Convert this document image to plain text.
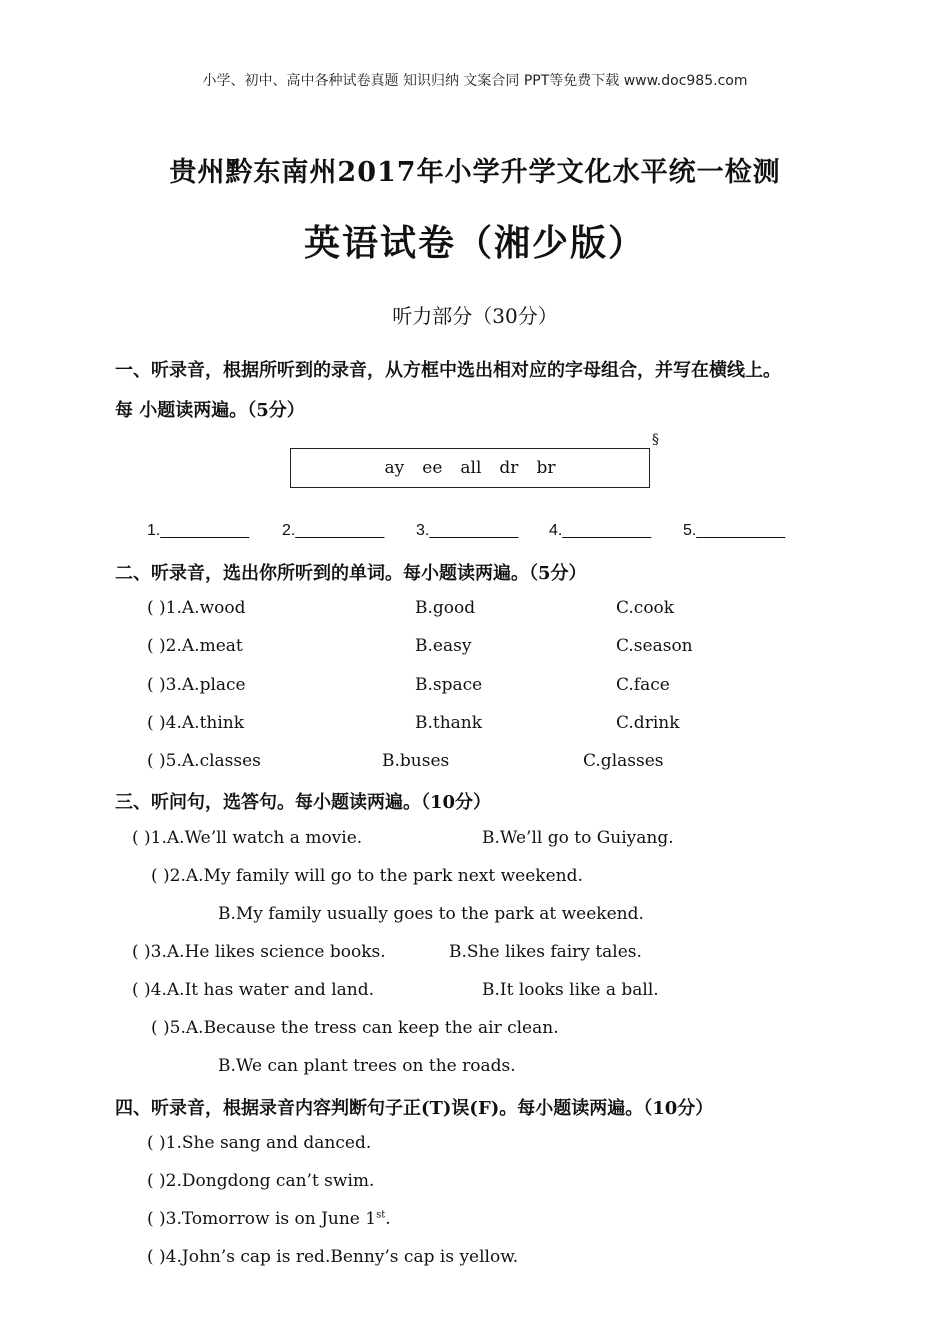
小学、初中、高中各种试卷真题 知识归纳 文案合同 PPT等免费下载 www.doc985.com
贵州黔东南州2017年小学升学文化水平统一检测
英语试卷（湘少版）
听力部分（30分）
一、听录音，根据所听到的录音，从方框中选出相对应的字母组合，并写在横线上。
每 小题读两遍。（5分）
ay ee all dr br
§
1.__________ 2.__________ 3.__________ 4.__________ 5.__________
二、听录音，选出你所听到的单词。每小题读两遍。（5分）
( )1.A.wood	B.good	C.cook
( )2.A.meat	B.easy	C.season
( )3.A.place	B.space	C.face
( )4.A.think	B.thank	C.drink
( )5.A.classes	B.buses	C.glasses
三、听问句，选答句。每小题读两遍。（10分）
( )1.A.We’ll watch a movie.	B.We’ll go to Guiyang.
( )2.A.My family will go to the park next weekend.
B.My family usually goes to the park at weekend.
( )3.A.He likes science books.	B.She likes fairy tales.
( )4.A.It has water and land.	B.It looks like a ball.
( )5.A.Because the tress can keep the air clean.
B.We can plant trees on the roads.
四、听录音，根据录音内容判断句子正(T)误(F)。每小题读两遍。（10分）
( )1.She sang and danced.
( )2.Dongdong can’t swim.
( )3.Tomorrow is on June 1st.
( )4.John’s cap is red.Benny’s cap is yellow.
